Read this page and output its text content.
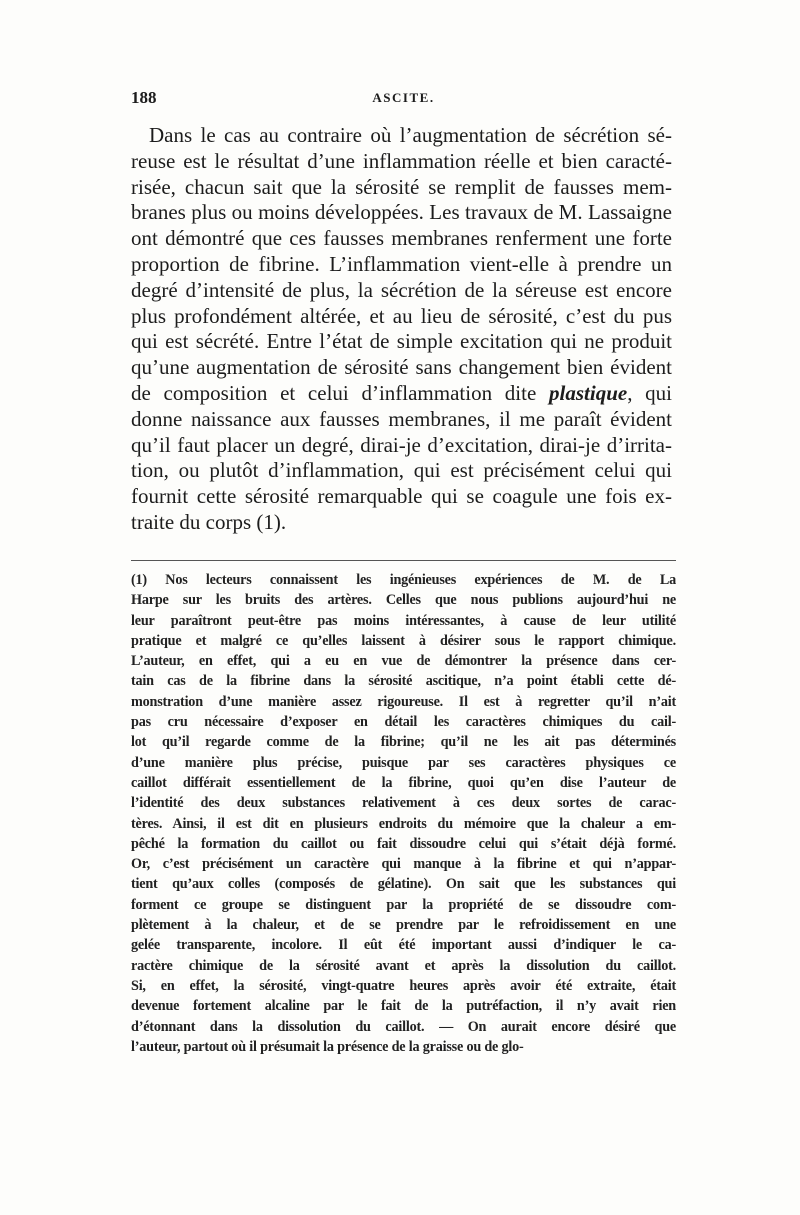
188	ASCITE.
Dans le cas au contraire où l’augmentation de sécrétion sé-
reuse est le résultat d’une inflammation réelle et bien caracté-
risée, chacun sait que la sérosité se remplit de fausses mem-
branes plus ou moins développées. Les travaux de M. Lassaigne
ont démontré que ces fausses membranes renferment une forte
proportion de fibrine. L’inflammation vient-elle à prendre un
degré d’intensité de plus, la sécrétion de la séreuse est encore
plus profondément altérée, et au lieu de sérosité, c’est du pus
qui est sécrété. Entre l’état de simple excitation qui ne produit
qu’une augmentation de sérosité sans changement bien évident
de composition et celui d’inflammation dite plastique, qui
donne naissance aux fausses membranes, il me paraît évident
qu’il faut placer un degré, dirai-je d’excitation, dirai-je d’irrita-
tion, ou plutôt d’inflammation, qui est précisément celui qui
fournit cette sérosité remarquable qui se coagule une fois ex-
traite du corps (1).
(1) Nos lecteurs connaissent les ingénieuses expériences de M. de La
Harpe sur les bruits des artères. Celles que nous publions aujourd’hui ne
leur paraîtront peut-être pas moins intéressantes, à cause de leur utilité
pratique et malgré ce qu’elles laissent à désirer sous le rapport chimique.
L’auteur, en effet, qui a eu en vue de démontrer la présence dans cer-
tain cas de la fibrine dans la sérosité ascitique, n’a point établi cette dé-
monstration d’une manière assez rigoureuse. Il est à regretter qu’il n’ait
pas cru nécessaire d’exposer en détail les caractères chimiques du cail-
lot qu’il regarde comme de la fibrine; qu’il ne les ait pas déterminés
d’une manière plus précise, puisque par ses caractères physiques ce
caillot différait essentiellement de la fibrine, quoi qu’en dise l’auteur de
l’identité des deux substances relativement à ces deux sortes de carac-
tères. Ainsi, il est dit en plusieurs endroits du mémoire que la chaleur a em-
pêché la formation du caillot ou fait dissoudre celui qui s’était déjà formé.
Or, c’est précisément un caractère qui manque à la fibrine et qui n’appar-
tient qu’aux colles (composés de gélatine). On sait que les substances qui
forment ce groupe se distinguent par la propriété de se dissoudre com-
plètement à la chaleur, et de se prendre par le refroidissement en une
gelée transparente, incolore. Il eût été important aussi d’indiquer le ca-
ractère chimique de la sérosité avant et après la dissolution du caillot.
Si, en effet, la sérosité, vingt-quatre heures après avoir été extraite, était
devenue fortement alcaline par le fait de la putréfaction, il n’y avait rien
d’étonnant dans la dissolution du caillot. — On aurait encore désiré que
l’auteur, partout où il présumait la présence de la graisse ou de glo-
